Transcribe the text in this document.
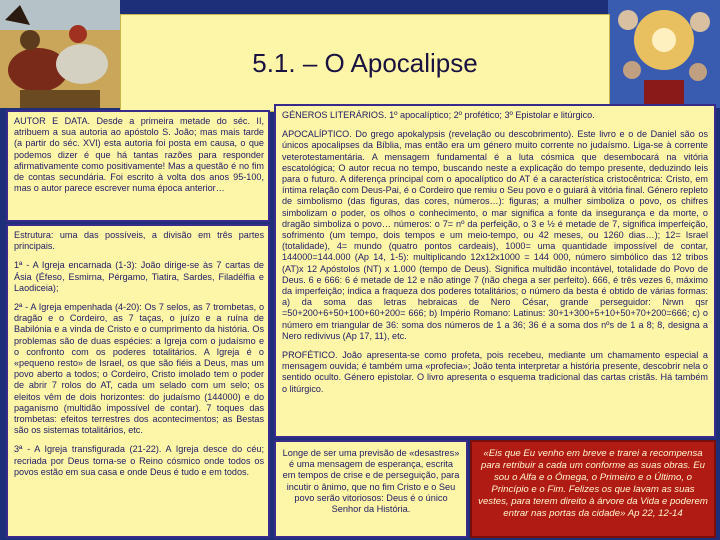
5.1. – O Apocalipse

AUTOR E DATA. Desde a primeira metade do séc. II, atribuem a sua autoria ao apóstolo S. João; mas mais tarde (a partir do séc. XVI) esta autoria foi posta em causa, o que podemos dizer é que há tantas razões para responder afirmativamente como positivamente! Mas a questão é no fim de contas secundária. Foi escrito à volta dos anos 95-100, mas o autor parece escrever numa época anterior…

Estrutura: uma das possíveis, a divisão em três partes principais.

1ª - A Igreja encarnada (1-3): João dirige-se às 7 cartas de Ásia (Éfeso, Esmirna, Pérgamo, Tiatira, Sardes, Filadélfia e Laodiceia);

2ª - A Igreja empenhada (4-20): Os 7 selos, as 7 trombetas, o dragão e o Cordeiro, as 7 taças, o juízo e a ruína de Babilónia e a vinda de Cristo e o cumprimento da história. Os problemas são de duas espécies: a Igreja com o judaísmo e o confronto com os poderes totalitários. A Igreja é o «pequeno resto» de Israel, os que são fiéis a Deus, mas um povo aberto a todos; o Cordeiro, Cristo imolado tem o poder de abrir 7 rolos do AT, cada um selado com um selo; os eleitos vêm de dois horizontes: do judaísmo (144000) e do paganismo (multidão impossível de contar). 7 toques das trombetas: efeitos terrestres dos acontecimentos; as Bestas são os sistemas totalitários, etc.

3ª - A Igreja transfigurada (21-22). A Igreja desce do céu; recriada por Deus torna-se o Reino cósmico onde todos os povos estão em sua casa e onde Deus é tudo e em todos.

GÉNEROS LITERÁRIOS. 1º apocalíptico; 2º profético; 3º Epistolar e litúrgico.

APOCALÍPTICO. Do grego apokalypsis (revelação ou descobrimento). Este livro e o de Daniel são os únicos apocalipses da Bíblia, mas então era um género muito corrente no judaísmo. Liga-se à corrente veterotestamentária. A mensagem fundamental é a luta cósmica que desembocará na vitória escatológica; O autor recua no tempo, buscando neste a explicação do tempo presente, deduzindo leis para o futuro. A diferença principal com o apocalíptico do AT é a característica cristocêntrica: Cristo, em íntima relação com Deus-Pai, é o Cordeiro que remiu o Seu povo e o guiará à vitória final. Género repleto de simbolismo (das figuras, das cores, números…): figuras; a mulher simboliza o povo, os chifres simbolizam o poder, os olhos o conhecimento, o mar significa a fonte da insegurança e da morte, o dragão simboliza o povo… números: o 7= nº da perfeição, o 3 e ½ é metade de 7, significa imperfeição, sofrimento (um tempo, dois tempos e um meio-tempo, ou 42 meses, ou 1260 dias…); 12= Israel (totalidade), 4= mundo (quatro pontos cardeais), 1000= uma quantidade impossível de contar, 144000=144.000 (Ap 14, 1-5): multiplicando 12x12x1000 = 144 000, número simbólico das 12 tribos (AT)x 12 Apóstolos (NT) x 1.000 (tempo de Deus). Significa multidão incontável, totalidade do Povo de Deus. 6 e 666: 6 é metade de 12 e não atinge 7 (não chega a ser perfeito). 666, é três vezes 6, máximo da imperfeição; indica a fraqueza dos poderes totalitários; o número da besta é obtido de várias formas: a) da soma das letras hebraicas de Nero César, grande perseguidor: Nrwn qsr =50+200+6+50+100+60+200= 666; b) Império Romano: Latinus: 30+1+300+5+10+50+70+200=666; c) o número em triangular de 36: soma dos números de 1 a 36; 36 é a soma dos nºs de 1 a 8; 8, designa a Nero redivivus (Ap 17, 11), etc.

PROFÉTICO. João apresenta-se como profeta, pois recebeu, mediante um chamamento especial a mensagem ouvida; é também uma «profecia»; João tenta interpretar a história presente, descobrir nela o sentido oculto. Género epistolar. O livro apresenta o esquema tradicional das cartas cristãs. Há também o litúrgico.

Longe de ser uma previsão de «desastres» é uma mensagem de esperança, escrita em tempos de crise e de perseguição, para incutir o ânimo, que no fim Cristo e o Seu povo serão vitoriosos: Deus é o único Senhor da História.

«Eis que Eu venho em breve e trarei a recompensa para retribuir a cada um conforme as suas obras. Eu sou o Alfa e o Ómega, o Primeiro e o Último, o Princípio e o Fim. Felizes os que lavam as suas vestes, para terem direito à árvore da Vida e poderem entrar nas portas da cidade» Ap 22, 12-14
